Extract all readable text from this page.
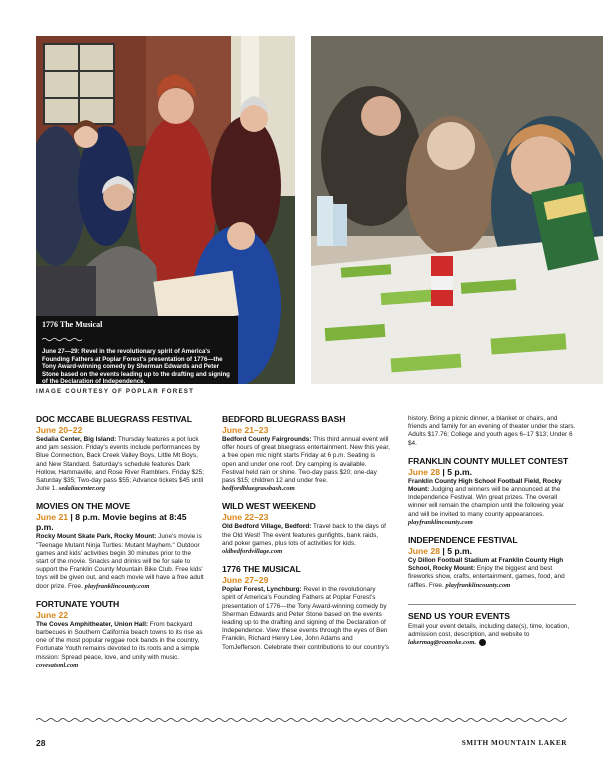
1776 The Musical
June 27—29: Revel in the revolutionary spirit of America's Founding Fathers at Poplar Forest's presentation of 1776—the Tony Award-winning comedy by Sherman Edwards and Peter Stone based on the events leading up to the drafting and signing of the Declaration of Independence.
IMAGE COURTESY OF POPLAR FOREST
DOC MCCABE BLUEGRASS FESTIVAL
June 20–22
Sedalia Center, Big Island: Thursday features a pot luck and jam session. Friday's events include performances by Blue Connection, Back Creek Valley Boys, Little Mt Boys, and New Standard. Saturday's schedule features Dark Hollow, Hammaville, and Rose River Ramblers. Friday $25; Saturday $35; Two-day pass $55; Advance tickets $45 until June 1. sedaliacenter.org
MOVIES ON THE MOVE
June 21 | 8 p.m. Movie begins at 8:45 p.m.
Rocky Mount Skate Park, Rocky Mount: June's movie is "Teenage Mutant Ninja Turtles: Mutant Mayhem." Outdoor games and kids' activities begin 30 minutes prior to the start of the movie. Snacks and drinks will be for sale to support the Franklin County Mountain Bike Club. Free kids' toys will be given out, and each movie will have a free adult door prize. Free. playfranklincounty.com
FORTUNATE YOUTH
June 22
The Coves Amphitheater, Union Hall: From backyard barbecues in Southern California beach towns to its rise as one of the most popular reggae rock bands in the country, Fortunate Youth remains devoted to its roots and a simple mission: Spread peace, love, and unity with music. covesatsml.com
BEDFORD BLUEGRASS BASH
June 21–23
Bedford County Fairgrounds: This third annual event will offer hours of great bluegrass entertainment. New this year, a free open mic night starts Friday at 6 p.m. Seating is open and under one roof. Dry camping is available. Festival held rain or shine. Two-day pass $20; one-day pass $15; children 12 and under free. bedfordbluegrassbash.com
WILD WEST WEEKEND
June 22–23
Old Bedford Village, Bedford: Travel back to the days of the Old West! The event features gunfights, bank raids, and poker games, plus lots of activities for kids. oldbedfordvillage.com
1776 THE MUSICAL
June 27–29
Poplar Forest, Lynchburg: Revel in the revolutionary spirit of America's Founding Fathers at Poplar Forest's presentation of 1776—the Tony Award-winning comedy by Sherman Edwards and Peter Stone based on the events leading up to the drafting and signing of the Declaration of Independence. View these events through the eyes of Ben Franklin, Richard Henry Lee, John Adams and TomJefferson. Celebrate their contributions to our country's
history. Bring a picnic dinner, a blanket or chairs, and friends and family for an evening of theater under the stars. Adults $17.76; College and youth ages 6–17 $13; Under 6 $4.
FRANKLIN COUNTY MULLET CONTEST
June 28 | 5 p.m.
Franklin County High School Football Field, Rocky Mount: Judging and winners will be announced at the Independence Festival. Win great prizes. The overall winner will remain the champion until the following year and will be invited to many county appearances. playfranklincounty.com
INDEPENDENCE FESTIVAL
June 28 | 5 p.m.
Cy Dillon Football Stadium at Franklin County High School, Rocky Mount: Enjoy the biggest and best fireworks show, crafts, entertainment, games, food, and raffles. Free. playfranklincounty.com
SEND US YOUR EVENTS
Email your event details, including date(s), time, location, admission cost, description, and website to lakermag@roanoke.com.
28	SMITH MOUNTAIN LAKER
